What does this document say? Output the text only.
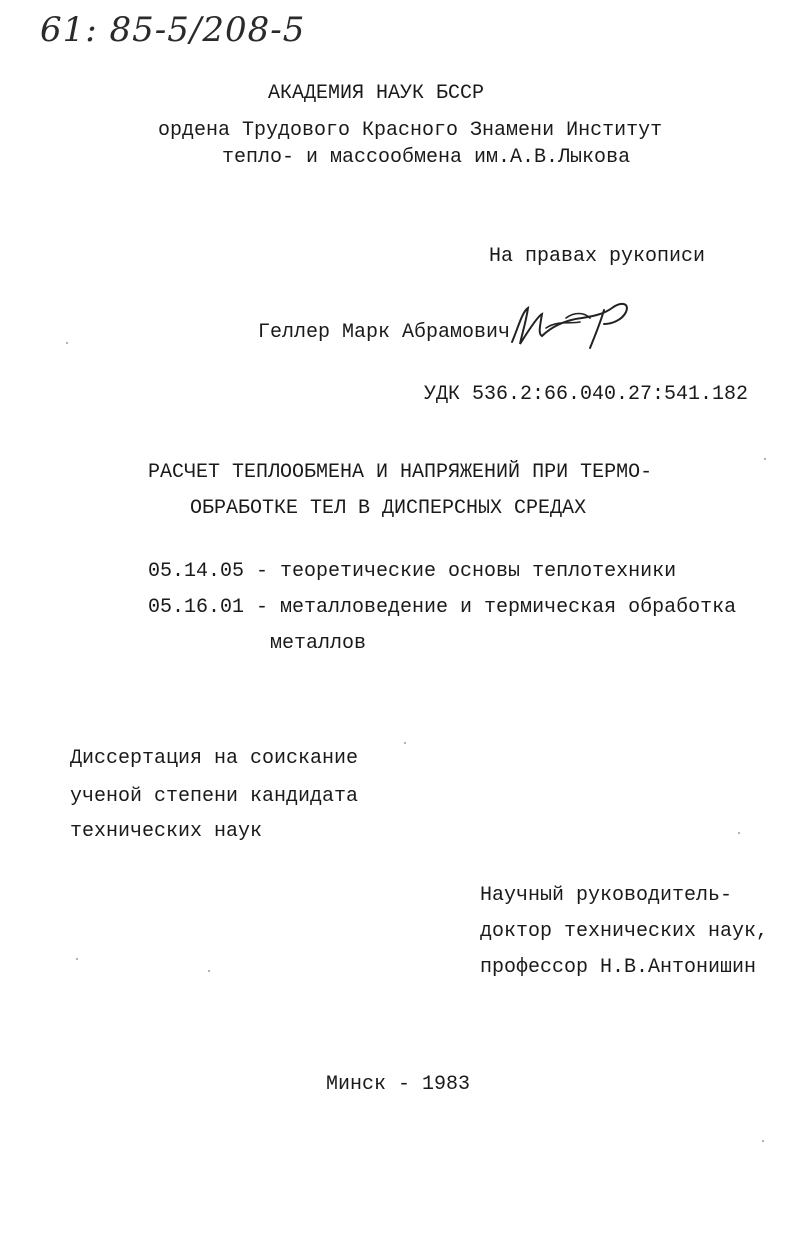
61: 85-5/208-5
АКАДЕМИЯ НАУК БССР
ордена Трудового Красного Знамени Институт
тепло- и массообмена им.А.В.Лыкова
На правах рукописи
Геллер Марк Абрамович
УДК 536.2:66.040.27:541.182
РАСЧЕТ ТЕПЛООБМЕНА И НАПРЯЖЕНИЙ ПРИ ТЕРМО-
ОБРАБОТКЕ ТЕЛ В ДИСПЕРСНЫХ СРЕДАХ
05.14.05 - теоретические основы теплотехники
05.16.01 - металловедение и термическая обработка
металлов
Диссертация на соискание
ученой степени кандидата
технических наук
Научный руководитель-
доктор технических наук,
профессор Н.В.Антонишин
Минск - 1983
